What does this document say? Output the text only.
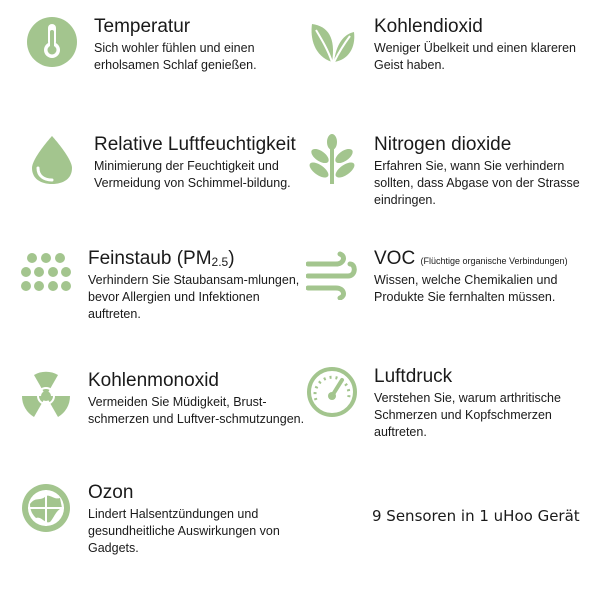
Temperatur
Sich wohler fühlen und einen erholsamen Schlaf genießen.
Kohlendioxid
Weniger Übelkeit und einen klareren Geist haben.
Relative Luftfeuchtigkeit
Minimierung der Feuchtigkeit und Vermeidung von Schimmel-bildung.
Nitrogen dioxide
Erfahren Sie, wann Sie verhindern sollten, dass Abgase von der Strasse eindringen.
Feinstaub (PM2.5)
Verhindern Sie Staubansam-mlungen, bevor Allergien und Infektionen auftreten.
VOC (Flüchtige organische Verbindungen)
Wissen, welche Chemikalien und Produkte Sie fernhalten müssen.
Kohlenmonoxid
Vermeiden Sie Müdigkeit, Brust-schmerzen und Luftver-schmutzungen.
Luftdruck
Verstehen Sie, warum arthritische Schmerzen und Kopfschmerzen auftreten.
Ozon
Lindert Halsentzündungen und gesundheitliche Auswirkungen von Gadgets.
9 Sensoren in 1 uHoo Gerät
